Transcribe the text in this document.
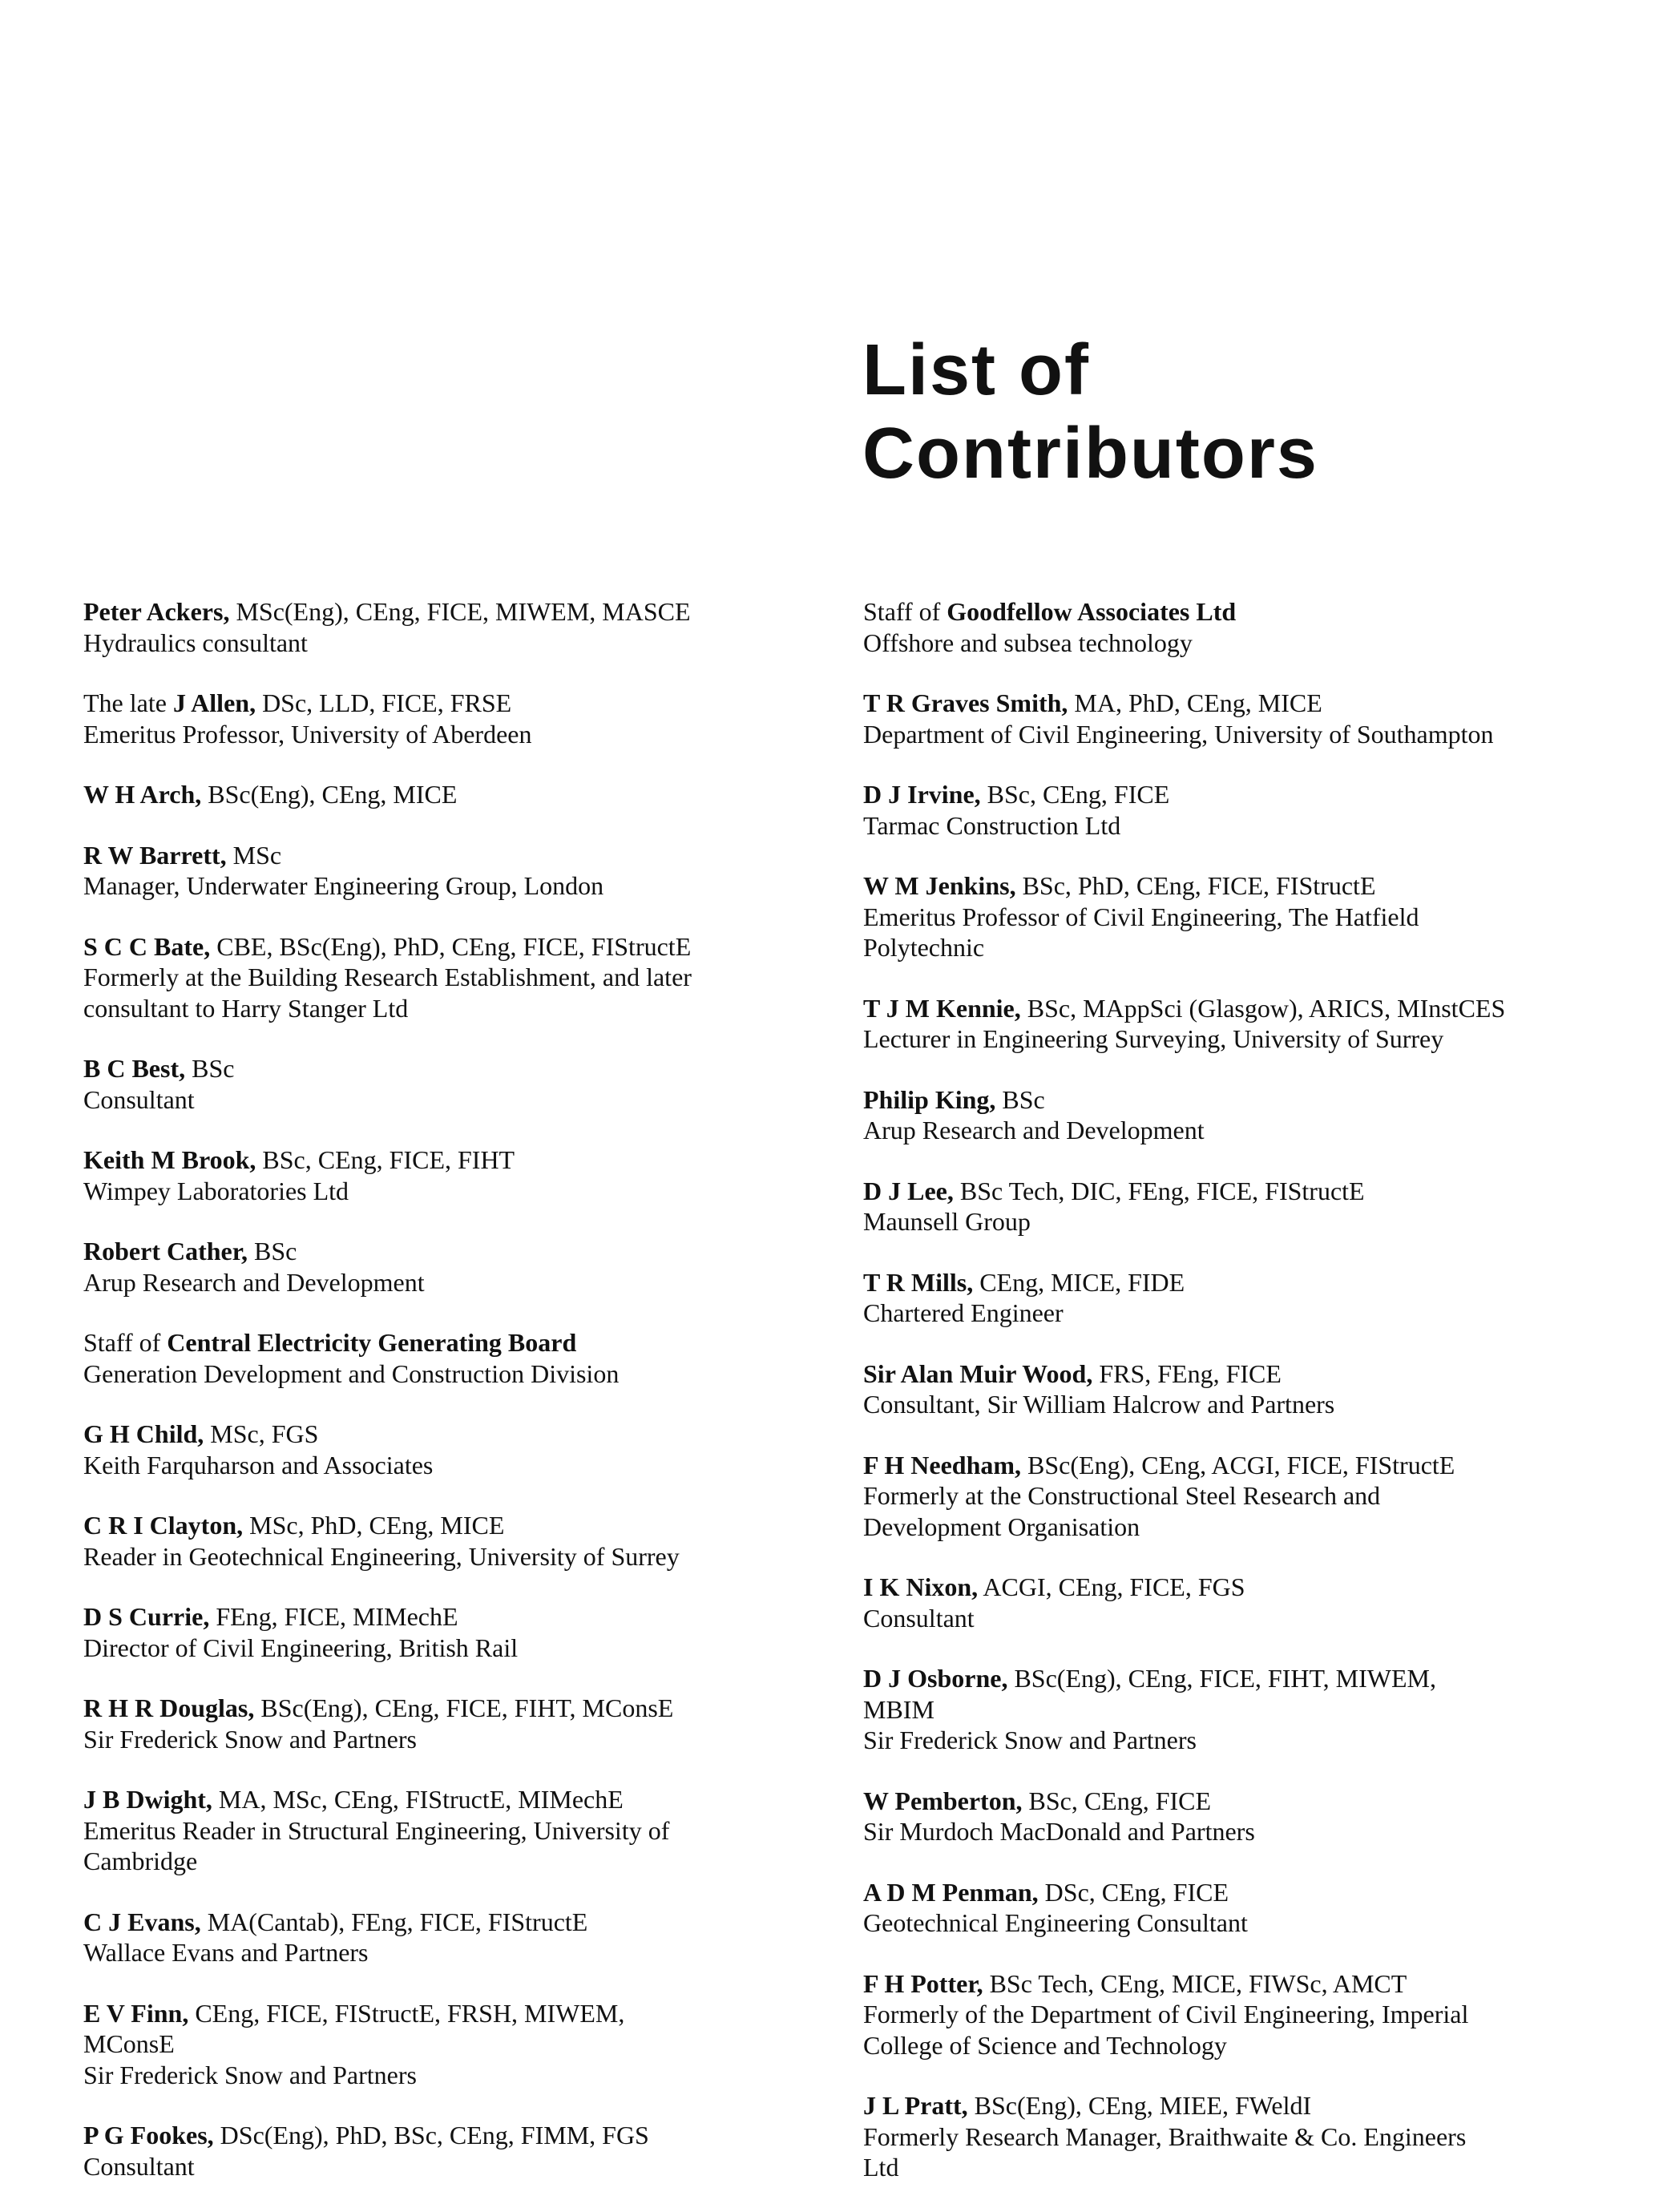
List of
Contributors

Peter Ackers, MSc(Eng), CEng, FICE, MIWEM, MASCE
Hydraulics consultant

The late J Allen, DSc, LLD, FICE, FRSE
Emeritus Professor, University of Aberdeen

W H Arch, BSc(Eng), CEng, MICE

R W Barrett, MSc
Manager, Underwater Engineering Group, London

S C C Bate, CBE, BSc(Eng), PhD, CEng, FICE, FIStructE
Formerly at the Building Research Establishment, and later
consultant to Harry Stanger Ltd

B C Best, BSc
Consultant

Keith M Brook, BSc, CEng, FICE, FIHT
Wimpey Laboratories Ltd

Robert Cather, BSc
Arup Research and Development

Staff of Central Electricity Generating Board
Generation Development and Construction Division

G H Child, MSc, FGS
Keith Farquharson and Associates

C R I Clayton, MSc, PhD, CEng, MICE
Reader in Geotechnical Engineering, University of Surrey

D S Currie, FEng, FICE, MIMechE
Director of Civil Engineering, British Rail

R H R Douglas, BSc(Eng), CEng, FICE, FIHT, MConsE
Sir Frederick Snow and Partners

J B Dwight, MA, MSc, CEng, FIStructE, MIMechE
Emeritus Reader in Structural Engineering, University of
Cambridge

C J Evans, MA(Cantab), FEng, FICE, FIStructE
Wallace Evans and Partners

E V Finn, CEng, FICE, FIStructE, FRSH, MIWEM,
MConsE
Sir Frederick Snow and Partners

P G Fookes, DSc(Eng), PhD, BSc, CEng, FIMM, FGS
Consultant

Staff of Goodfellow Associates Ltd
Offshore and subsea technology

T R Graves Smith, MA, PhD, CEng, MICE
Department of Civil Engineering, University of Southampton

D J Irvine, BSc, CEng, FICE
Tarmac Construction Ltd

W M Jenkins, BSc, PhD, CEng, FICE, FIStructE
Emeritus Professor of Civil Engineering, The Hatfield
Polytechnic

T J M Kennie, BSc, MAppSci (Glasgow), ARICS, MInstCES
Lecturer in Engineering Surveying, University of Surrey

Philip King, BSc
Arup Research and Development

D J Lee, BSc Tech, DIC, FEng, FICE, FIStructE
Maunsell Group

T R Mills, CEng, MICE, FIDE
Chartered Engineer

Sir Alan Muir Wood, FRS, FEng, FICE
Consultant, Sir William Halcrow and Partners

F H Needham, BSc(Eng), CEng, ACGI, FICE, FIStructE
Formerly at the Constructional Steel Research and
Development Organisation

I K Nixon, ACGI, CEng, FICE, FGS
Consultant

D J Osborne, BSc(Eng), CEng, FICE, FIHT, MIWEM,
MBIM
Sir Frederick Snow and Partners

W Pemberton, BSc, CEng, FICE
Sir Murdoch MacDonald and Partners

A D M Penman, DSc, CEng, FICE
Geotechnical Engineering Consultant

F H Potter, BSc Tech, CEng, MICE, FIWSc, AMCT
Formerly of the Department of Civil Engineering, Imperial
College of Science and Technology

J L Pratt, BSc(Eng), CEng, MIEE, FWeldI
Formerly Research Manager, Braithwaite & Co. Engineers
Ltd
